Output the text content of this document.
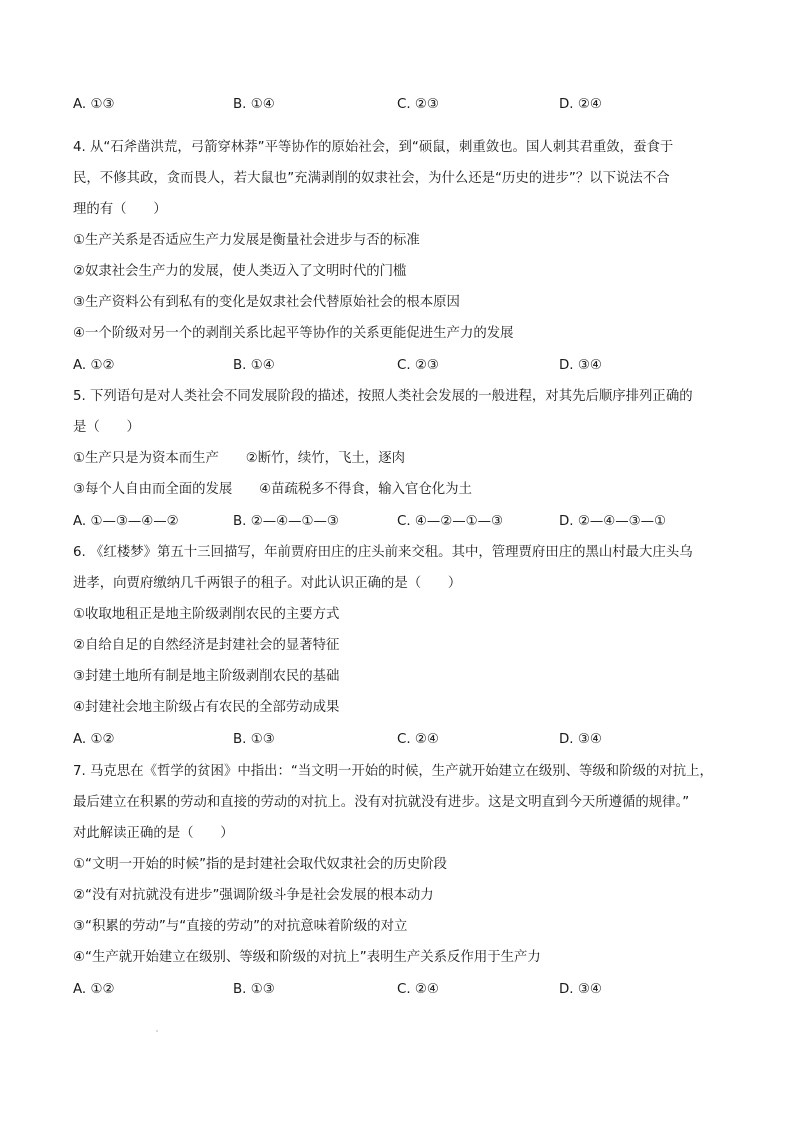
A. ①③	B. ①④	C. ②③	D. ②④
4. 从“石斧凿洪荒，弓箭穿林莽”平等协作的原始社会，到“硕鼠，刺重敛也。国人刺其君重敛，蚕食于
民，不修其政，贪而畏人，若大鼠也”充满剥削的奴隶社会，为什么还是“历史的进步”？以下说法不合
理的有（　　）
①生产关系是否适应生产力发展是衡量社会进步与否的标准
②奴隶社会生产力的发展，使人类迈入了文明时代的门槛
③生产资料公有到私有的变化是奴隶社会代替原始社会的根本原因
④一个阶级对另一个的剥削关系比起平等协作的关系更能促进生产力的发展
A. ①②	B. ①④	C. ②③	D. ③④
5. 下列语句是对人类社会不同发展阶段的描述，按照人类社会发展的一般进程，对其先后顺序排列正确的
是（　　）
①生产只是为资本而生产　　②断竹，续竹，飞土，逐肉
③每个人自由而全面的发展　　④苗疏税多不得食，输入官仓化为土
A. ①—③—④—②	B. ②—④—①—③	C. ④—②—①—③	D. ②—④—③—①
6. 《红楼梦》第五十三回描写，年前贾府田庄的庄头前来交租。其中，管理贾府田庄的黑山村最大庄头乌
进孝，向贾府缴纳几千两银子的租子。对此认识正确的是（　　）
①收取地租正是地主阶级剥削农民的主要方式
②自给自足的自然经济是封建社会的显著特征
③封建土地所有制是地主阶级剥削农民的基础
④封建社会地主阶级占有农民的全部劳动成果
A. ①②	B. ①③	C. ②④	D. ③④
7. 马克思在《哲学的贫困》中指出：“当文明一开始的时候，生产就开始建立在级别、等级和阶级的对抗上，
最后建立在积累的劳动和直接的劳动的对抗上。没有对抗就没有进步。这是文明直到今天所遵循的规律。”
对此解读正确的是（　　）
①“文明一开始的时候”指的是封建社会取代奴隶社会的历史阶段
②“没有对抗就没有进步”强调阶级斗争是社会发展的根本动力
③“积累的劳动”与“直接的劳动”的对抗意味着阶级的对立
④“生产就开始建立在级别、等级和阶级的对抗上”表明生产关系反作用于生产力
A. ①②	B. ①③	C. ②④	D. ③④
